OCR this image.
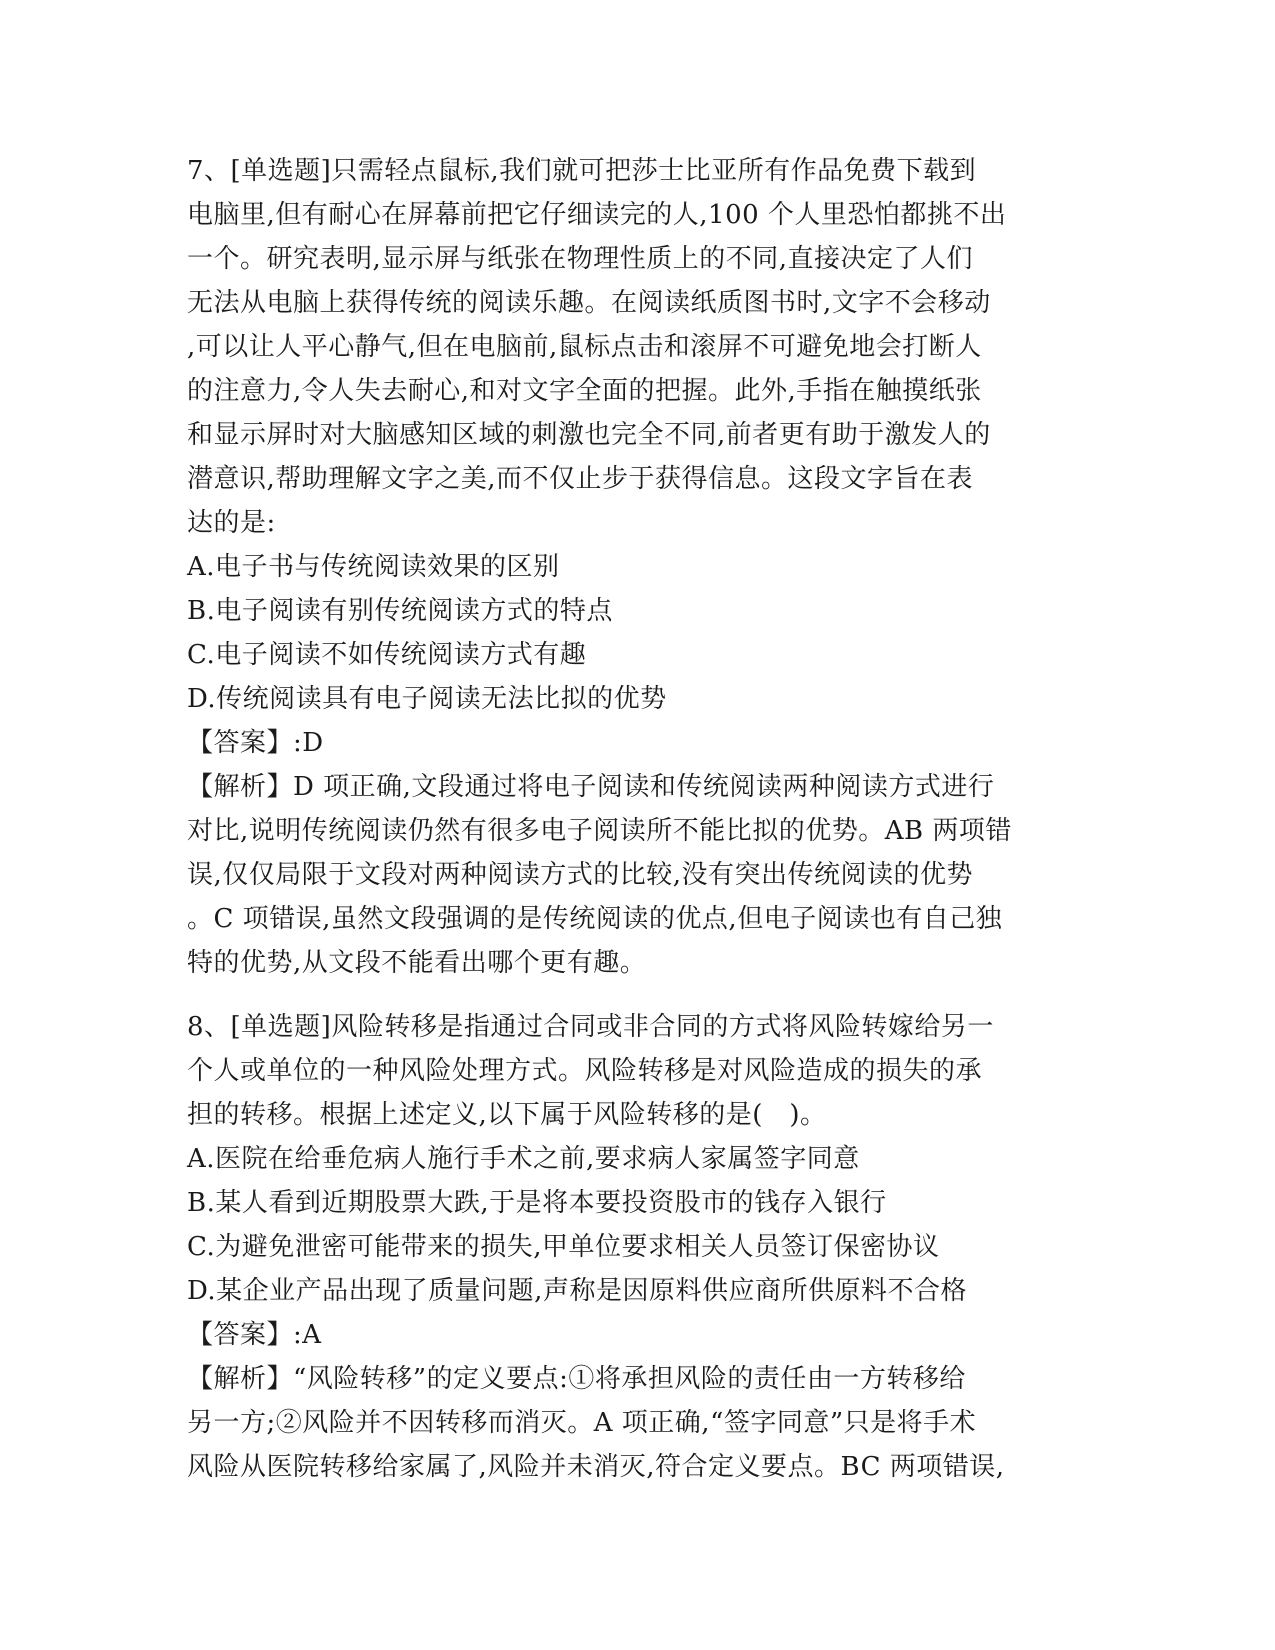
7、[单选题]只需轻点鼠标,我们就可把莎士比亚所有作品免费下载到
电脑里,但有耐心在屏幕前把它仔细读完的人,100 个人里恐怕都挑不出
一个。研究表明,显示屏与纸张在物理性质上的不同,直接决定了人们
无法从电脑上获得传统的阅读乐趣。在阅读纸质图书时,文字不会移动
,可以让人平心静气,但在电脑前,鼠标点击和滚屏不可避免地会打断人
的注意力,令人失去耐心,和对文字全面的把握。此外,手指在触摸纸张
和显示屏时对大脑感知区域的刺激也完全不同,前者更有助于激发人的
潜意识,帮助理解文字之美,而不仅止步于获得信息。这段文字旨在表
达的是:
A.电子书与传统阅读效果的区别
B.电子阅读有别传统阅读方式的特点
C.电子阅读不如传统阅读方式有趣
D.传统阅读具有电子阅读无法比拟的优势
【答案】:D
【解析】D 项正确,文段通过将电子阅读和传统阅读两种阅读方式进行
对比,说明传统阅读仍然有很多电子阅读所不能比拟的优势。AB 两项错
误,仅仅局限于文段对两种阅读方式的比较,没有突出传统阅读的优势
。C 项错误,虽然文段强调的是传统阅读的优点,但电子阅读也有自己独
特的优势,从文段不能看出哪个更有趣。
8、[单选题]风险转移是指通过合同或非合同的方式将风险转嫁给另一
个人或单位的一种风险处理方式。风险转移是对风险造成的损失的承
担的转移。根据上述定义,以下属于风险转移的是(　)。
A.医院在给垂危病人施行手术之前,要求病人家属签字同意
B.某人看到近期股票大跌,于是将本要投资股市的钱存入银行
C.为避免泄密可能带来的损失,甲单位要求相关人员签订保密协议
D.某企业产品出现了质量问题,声称是因原料供应商所供原料不合格
【答案】:A
【解析】“风险转移”的定义要点:①将承担风险的责任由一方转移给
另一方;②风险并不因转移而消灭。A 项正确,“签字同意”只是将手术
风险从医院转移给家属了,风险并未消灭,符合定义要点。BC 两项错误,
